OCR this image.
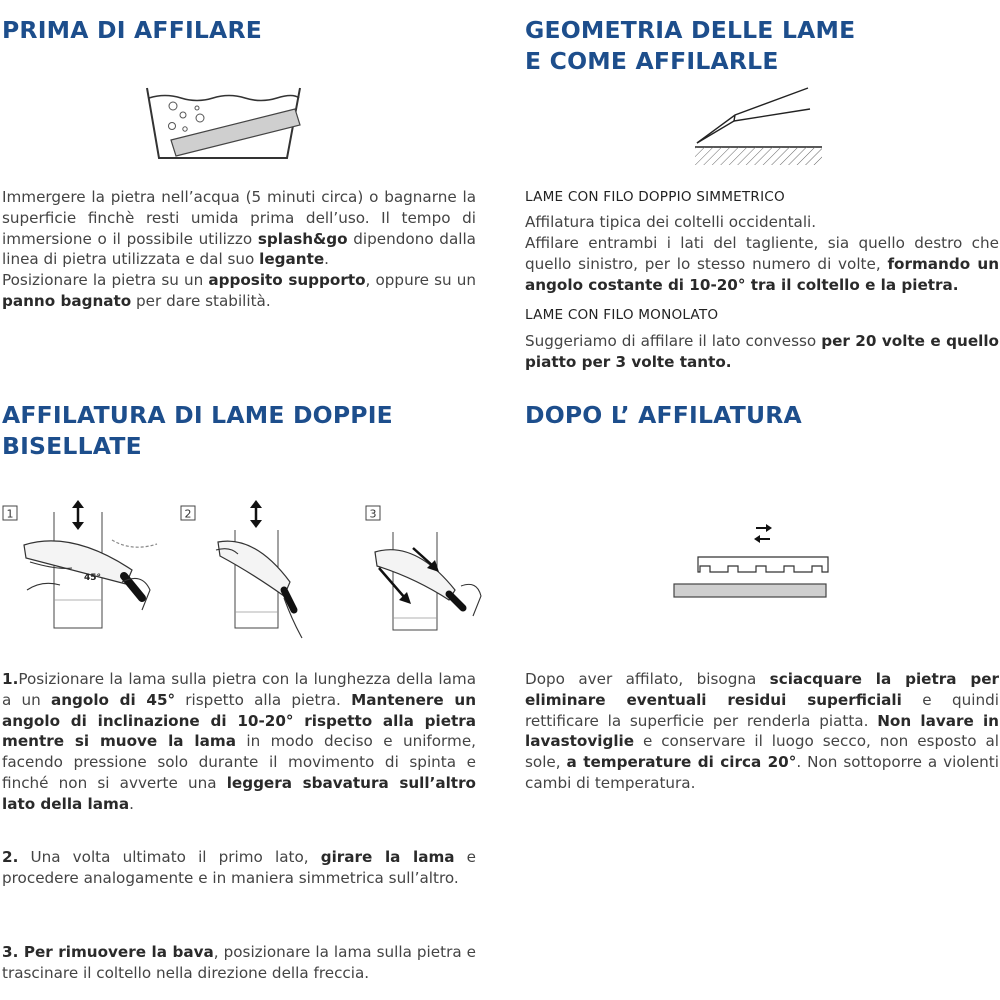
PRIMA DI AFFILARE

Immergere la pietra nell’acqua (5 minuti circa) o bagnarne la superficie finchè resti umida prima dell’uso. Il tempo di immersione o il possibile utilizzo splash&go dipendono dalla linea di pietra utilizzata e dal suo legante.

Posizionare la pietra su un apposito supporto, oppure su un panno bagnato per dare stabilità.

GEOMETRIA DELLE LAME
E COME AFFILARLE

LAME CON FILO DOPPIO SIMMETRICO

Affilatura tipica dei coltelli occidentali.

Affilare entrambi i lati del tagliente, sia quello destro che quello sinistro, per lo stesso numero di volte, formando un angolo costante di 10-20° tra il coltello e la pietra.

LAME CON FILO MONOLATO

Suggeriamo di affilare il lato convesso per 20 volte e quello piatto per 3 volte tanto.

AFFILATURA DI LAME DOPPIE
BISELLATE
1
45°
2	3

1.Posizionare la lama sulla pietra con la lunghezza della lama a un angolo di 45° rispetto alla pietra. Mantenere un angolo di inclinazione di 10-20° rispetto alla pietra mentre si muove la lama in modo deciso e uniforme, facendo pressione solo durante il movimento di spinta e finché non si avverte una leggera sbavatura sull’altro lato della lama.

2. Una volta ultimato il primo lato, girare la lama e procedere analogamente e in maniera simmetrica sull’altro.

3. Per rimuovere la bava, posizionare la lama sulla pietra e trascinare il coltello nella direzione della freccia.

DOPO L’ AFFILATURA

Dopo aver affilato, bisogna sciacquare la pietra per eliminare eventuali residui superficiali e quindi rettificare la superficie per renderla piatta. Non lavare in lavastoviglie e conservare il luogo secco, non esposto al sole, a temperature di circa 20°. Non sottoporre a violenti cambi di temperatura.
